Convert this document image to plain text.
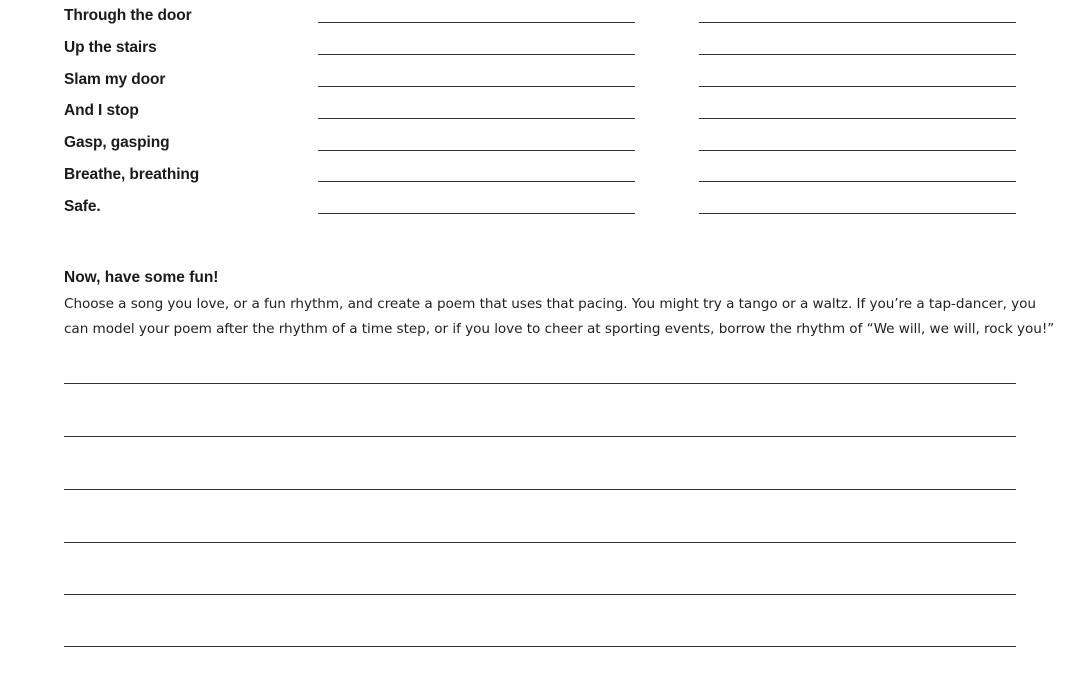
Through the door
Up the stairs
Slam my door
And I stop
Gasp, gasping
Breathe, breathing
Safe.
Now, have some fun!
Choose a song you love, or a fun rhythm, and create a poem that uses that pacing. You might try a tango or a waltz. If you’re a tap-dancer, you
can model your poem after the rhythm of a time step, or if you love to cheer at sporting events, borrow the rhythm of “We will, we will, rock you!”
